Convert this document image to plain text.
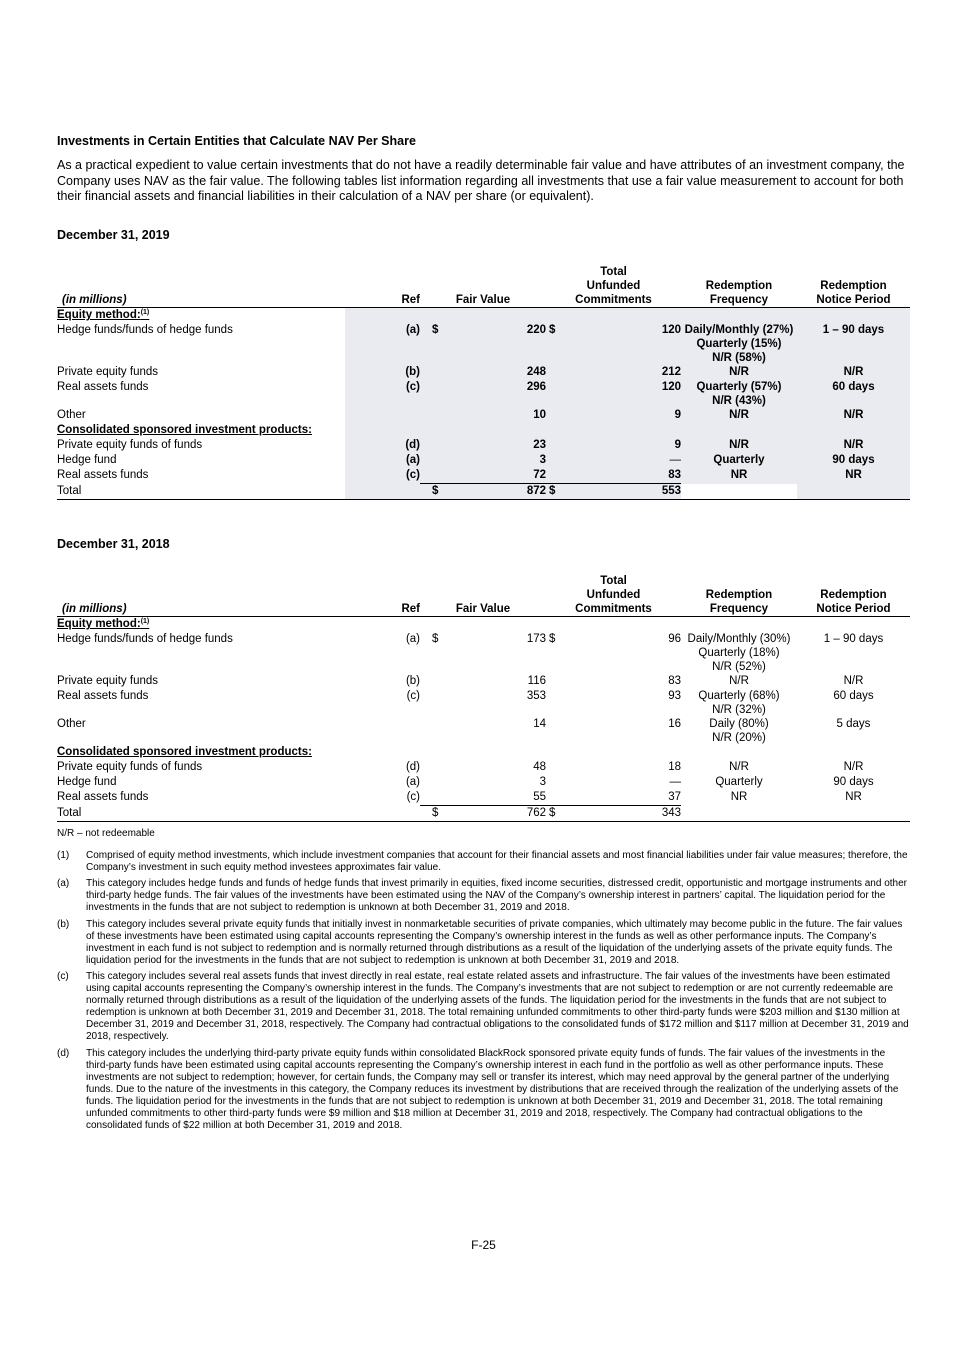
Investments in Certain Entities that Calculate NAV Per Share
As a practical expedient to value certain investments that do not have a readily determinable fair value and have attributes of an investment company, the Company uses NAV as the fair value. The following tables list information regarding all investments that use a fair value measurement to account for both their financial assets and financial liabilities in their calculation of a NAV per share (or equivalent).
December 31, 2019
(in millions)	Ref	Fair Value		Total
Unfunded
Commitments		Redemption
Frequency	Redemption
Notice Period
Equity method:$^{(1)}$							
Hedge funds/funds of hedge funds	(a)	$	220	$	120	Daily/Monthly (27%)
Quarterly (15%)
N/R (58%)	1 – 90 days
Private equity funds	(b)		248		212	N/R	N/R
Real assets funds	(c)		296		120	Quarterly (57%)
N/R (43%)	60 days
Other			10		9	N/R	N/R
Consolidated sponsored investment products:							
Private equity funds of funds	(d)		23		9	N/R	N/R
Hedge fund	(a)		3		—	Quarterly	90 days
Real assets funds	(c)		72		83	NR	NR
Total		$	872	$	553		
December 31, 2018
(in millions)	Ref	Fair Value		Total
Unfunded
Commitments		Redemption
Frequency	Redemption
Notice Period
Equity method:$^{(1)}$
Hedge funds/funds of hedge funds	(a)	$	173	$	96	Daily/Monthly (30%)
Quarterly (18%)
N/R (52%)	1 – 90 days
Private equity funds	(b)		116		83	N/R	N/R
Real assets funds	(c)		353		93	Quarterly (68%)
N/R (32%)	60 days
Other			14		16	Daily (80%)
N/R (20%)	5 days
Consolidated sponsored investment products:							
Private equity funds of funds	(d)		48		18	N/R	N/R
Hedge fund	(a)		3		—	Quarterly	90 days
Real assets funds	(c)		55		37	NR	NR
Total		$	762	$	343		
N/R – not redeemable
(1)	Comprised of equity method investments, which include investment companies that account for their financial assets and most financial liabilities under fair value measures; therefore, the Company’s investment in such equity method investees approximates fair value.
(a)	This category includes hedge funds and funds of hedge funds that invest primarily in equities, fixed income securities, distressed credit, opportunistic and mortgage instruments and other third-party hedge funds. The fair values of the investments have been estimated using the NAV of the Company’s ownership interest in partners’ capital. The liquidation period for the investments in the funds that are not subject to redemption is unknown at both December 31, 2019 and 2018.
(b)	This category includes several private equity funds that initially invest in nonmarketable securities of private companies, which ultimately may become public in the future. The fair values of these investments have been estimated using capital accounts representing the Company’s ownership interest in the funds as well as other performance inputs. The Company’s investment in each fund is not subject to redemption and is normally returned through distributions as a result of the liquidation of the underlying assets of the private equity funds. The liquidation period for the investments in the funds that are not subject to redemption is unknown at both December 31, 2019 and 2018.
(c)	This category includes several real assets funds that invest directly in real estate, real estate related assets and infrastructure. The fair values of the investments have been estimated using capital accounts representing the Company’s ownership interest in the funds. The Company’s investments that are not subject to redemption or are not currently redeemable are normally returned through distributions as a result of the liquidation of the underlying assets of the funds. The liquidation period for the investments in the funds that are not subject to redemption is unknown at both December 31, 2019 and December 31, 2018. The total remaining unfunded commitments to other third-party funds were $203 million and $130 million at December 31, 2019 and December 31, 2018, respectively. The Company had contractual obligations to the consolidated funds of $172 million and $117 million at December 31, 2019 and 2018, respectively.
(d)	This category includes the underlying third-party private equity funds within consolidated BlackRock sponsored private equity funds of funds. The fair values of the investments in the third-party funds have been estimated using capital accounts representing the Company’s ownership interest in each fund in the portfolio as well as other performance inputs. These investments are not subject to redemption; however, for certain funds, the Company may sell or transfer its interest, which may need approval by the general partner of the underlying funds. Due to the nature of the investments in this category, the Company reduces its investment by distributions that are received through the realization of the underlying assets of the funds. The liquidation period for the investments in the funds that are not subject to redemption is unknown at both December 31, 2019 and December 31, 2018. The total remaining unfunded commitments to other third-party funds were $9 million and $18 million at December 31, 2019 and 2018, respectively. The Company had contractual obligations to the consolidated funds of $22 million at both December 31, 2019 and 2018.
F-25
